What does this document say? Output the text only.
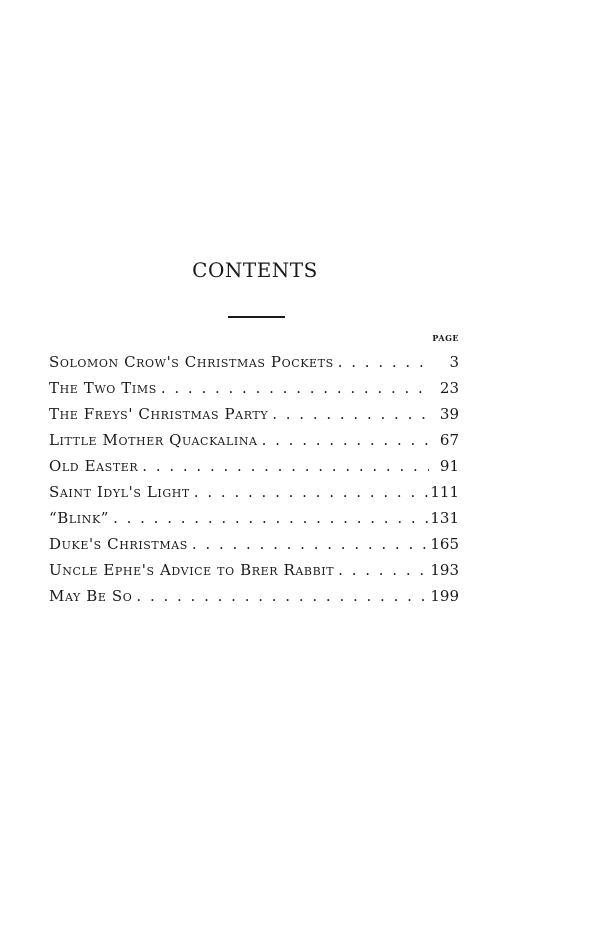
CONTENTS
PAGE
Solomon Crow's Christmas Pockets . . .	3
The Two Tims . . .	23
The Freys' Christmas Party . . .	39
Little Mother Quackalina . . .	67
Old Easter . . .	91
Saint Idyl's Light . . .	111
“Blink” . . .	131
Duke's Christmas . . .	165
Uncle Ephe's Advice to Brer Rabbit . . .	193
May Be So . . .	199
